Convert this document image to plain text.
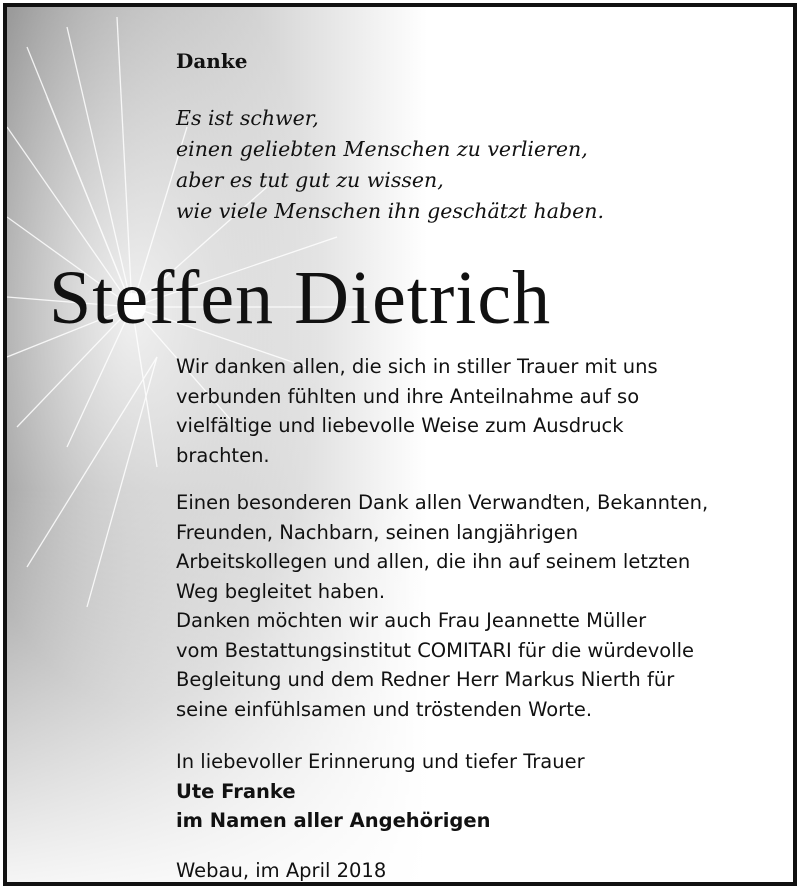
Danke
Es ist schwer,
einen geliebten Menschen zu verlieren,
aber es tut gut zu wissen,
wie viele Menschen ihn geschätzt haben.
Steffen Dietrich

Wir danken allen, die sich in stiller Trauer mit uns
verbunden fühlten und ihre Anteilnahme auf so
vielfältige und liebevolle Weise zum Ausdruck
brachten.

Einen besonderen Dank allen Verwandten, Bekannten,
Freunden, Nachbarn, seinen langjährigen
Arbeitskollegen und allen, die ihn auf seinem letzten
Weg begleitet haben.
Danken möchten wir auch Frau Jeannette Müller
vom Bestattungsinstitut COMITARI für die würdevolle
Begleitung und dem Redner Herr Markus Nierth für
seine einfühlsamen und tröstenden Worte.

In liebevoller Erinnerung und tiefer Trauer
Ute Franke
im Namen aller Angehörigen

Webau, im April 2018
